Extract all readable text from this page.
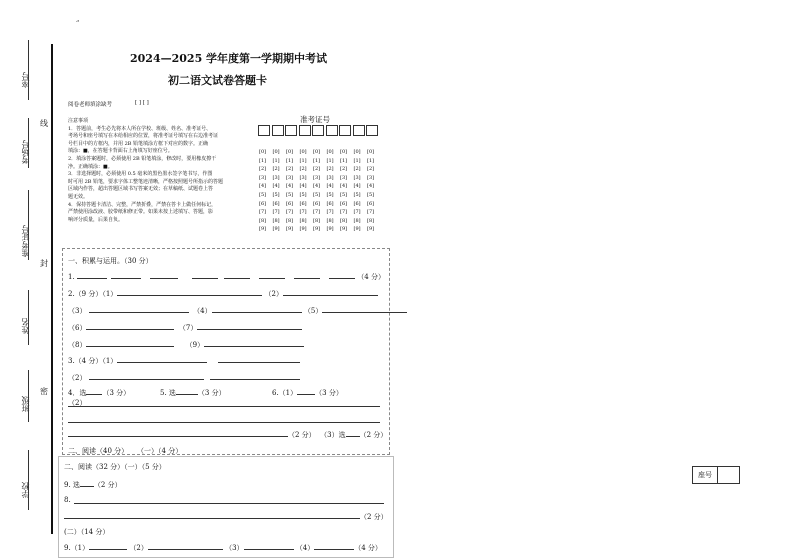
‘'
座号
线
考场号
准考证号
封
姓名
密
班级
学校
2024—2025 学年度第一学期期中考试
初二语文试卷答题卡
阅卷老师填涂缺考	[ ] [ ]
注意事项
1．答题前，考生必先将本人所在学校、班级、姓名、准考证号、
考场号和座号填写在本给相应的位置，将准考证号填写在右边准考证
号栏目中的方框内，并用 2B 铅笔填涂方框下对应的数字。正确
填涂：■，在答题卡背面右上角填写好座位号。
2．填涂答案题时，必须使用 2B 铅笔填涂，修改时，要用橡皮擦干
净。正确填涂：■。
3．非选择题时，必须使用 0.5 毫米的黑色墨水签字笔书写，作图
时可用 2B 铅笔，要求字体工整笔迹清晰，严格按照题号所指示的答题
区域内作答，超出答题区域书写答案无效；在草稿纸、试题卷上答
题无效。
4．保持答题卡清洁、完整，严禁折叠，严禁在答卡上做任何标记，
严禁使用涂改液、胶带纸和修正带。如果未按上述填写、答题，影
响评分质量，后果自负。
准考证号
[0] [0] [0] [0] [0] [0] [0] [0] [0]
[1] [1] [1] [1] [1] [1] [1] [1] [1]
[2] [2] [2] [2] [2] [2] [2] [2] [2]
[3] [3] [3] [3] [3] [3] [3] [3] [3]
[4] [4] [4] [4] [4] [4] [4] [4] [4]
[5] [5] [5] [5] [5] [5] [5] [5] [5]
[6] [6] [6] [6] [6] [6] [6] [6] [6]
[7] [7] [7] [7] [7] [7] [7] [7] [7]
[8] [8] [8] [8] [8] [8] [8] [8] [8]
[9] [9] [9] [9] [9] [9] [9] [9] [9]
一、积累与运用。（30 分）
1.	（4 分）
2.（9 分）（1）	（2）
（3）	（4）	（5）
（6）	（7）
（8）	（9）
3.（4 分）（1）
（2）
4．选 （3 分）	5. 选	（3 分）	6.（1）	（3 分）
（2）
（2 分） （3）选 （2 分）
二、阅读（40 分） （一）（4 分）
二、阅读（32 分）（一）（5 分）
9. 选 （2 分）
8.
（2 分）
(二）（14 分）
9.（1）	（2）	（3）	（4）	（4 分）
座号
